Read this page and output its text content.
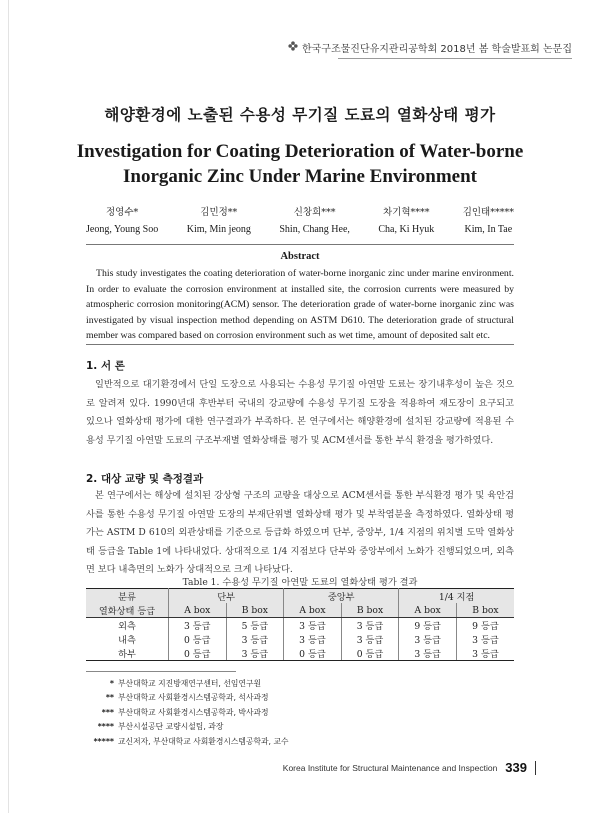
한국구조물진단유지관리공학회 2018년 봄 학술발표회 논문집
해양환경에 노출된 수용성 무기질 도료의 열화상태 평가
Investigation for Coating Deterioration of Water-borne
Inorganic Zinc Under Marine Environment
정영수*
Jeong, Young Soo
김민정**
Kim, Min jeong
신창희***
Shin, Chang Hee,
차기혁****
Cha, Ki Hyuk
김인태*****
Kim, In Tae
Abstract
This study investigates the coating deterioration of water-borne inorganic zinc under marine environment. In order to evaluate the corrosion environment at installed site, the corrosion currents were measured by atmospheric corrosion monitoring(ACM) sensor. The deterioration grade of water-borne inorganic zinc was investigated by visual inspection method depending on ASTM D610. The deterioration grade of structural member was compared based on corrosion environment such as wet time, amount of deposited salt etc.
1. 서 론
일반적으로 대기환경에서 단일 도장으로 사용되는 수용성 무기질 아연말 도료는 장기내후성이 높은 것으로 알려져 있다. 1990년대 후반부터 국내의 강교량에 수용성 무기질 도장을 적용하여 재도장이 요구되고 있으나 열화상태 평가에 대한 연구결과가 부족하다. 본 연구에서는 해양환경에 설치된 강교량에 적용된 수용성 무기질 아연말 도료의 구조부재별 열화상태를 평가 및 ACM센서를 통한 부식 환경을 평가하였다.
2. 대상 교량 및 측정결과
본 연구에서는 해상에 설치된 강상형 구조의 교량을 대상으로 ACM센서를 통한 부식환경 평가 및 육안검사를 통한 수용성 무기질 아연말 도장의 부재단위별 열화상태 평가 및 부착염분을 측정하였다. 열화상태 평가는 ASTM D 610의 외관상태를 기준으로 등급화 하였으며 단부, 중앙부, 1/4 지점의 위치별 도막 열화상태 등급을 Table 1에 나타내었다. 상대적으로 1/4 지점보다 단부와 중앙부에서 노화가 진행되었으며, 외측면 보다 내측면의 노화가 상대적으로 크게 나타났다.
Table 1. 수용성 무기질 아연말 도료의 열화상태 평가 결과
분류	단부		중앙부		1/4 지점	
열화상태 등급	A box	B box	A box	B box	A box	B box
외측	3 등급	5 등급	3 등급	3 등급	9 등급	9 등급
내측	0 등급	3 등급	3 등급	3 등급	3 등급	3 등급
하부	0 등급	3 등급	0 등급	0 등급	3 등급	3 등급
* 부산대학교 지진방재연구센터, 선임연구원
** 부산대학교 사회환경시스템공학과, 석사과정
*** 부산대학교 사회환경시스템공학과, 박사과정
**** 부산시설공단 교량시설팀, 과장
***** 교신저자, 부산대학교 사회환경시스템공학과, 교수
Korea Institute for Structural Maintenance and Inspection 339
